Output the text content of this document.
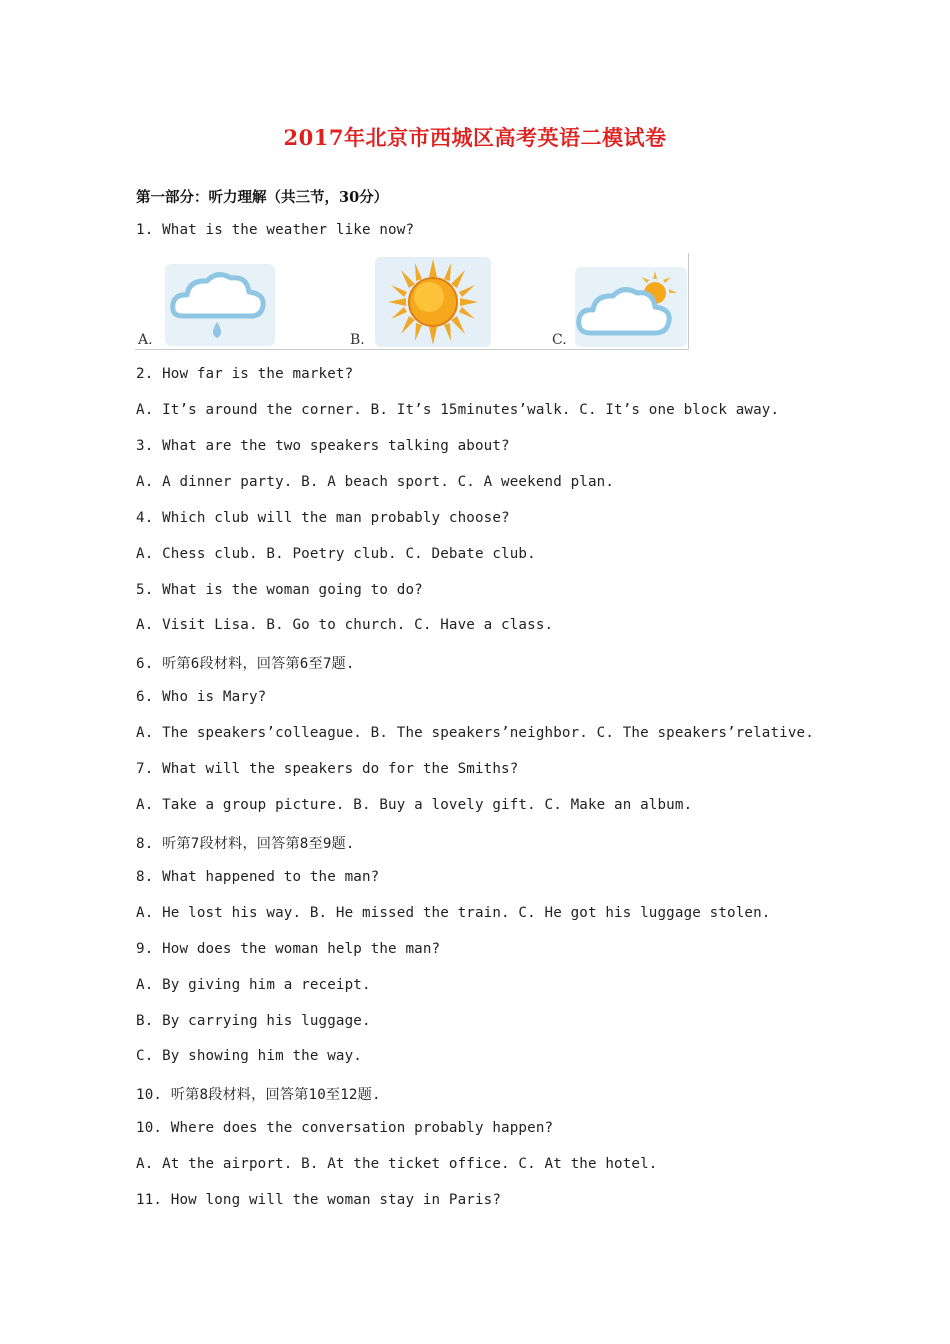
2017年北京市西城区高考英语二模试卷
第一部分：听力理解（共三节，30分）
1. What is the weather like now?
A.	B.	C.
2. How far is the market?
A. It’s around the corner. B. It’s 15minutes’walk. C. It’s one block away.
3. What are the two speakers talking about?
A. A dinner party. B. A beach sport. C. A weekend plan.
4. Which club will the man probably choose?
A. Chess club. B. Poetry club. C. Debate club.
5. What is the woman going to do?
A. Visit Lisa. B. Go to church. C. Have a class.
6. 听第6段材料，回答第6至7题.
6. Who is Mary?
A. The speakers’colleague. B. The speakers’neighbor. C. The speakers’relative.
7. What will the speakers do for the Smiths?
A. Take a group picture. B. Buy a lovely gift. C. Make an album.
8. 听第7段材料，回答第8至9题.
8. What happened to the man?
A. He lost his way. B. He missed the train. C. He got his luggage stolen.
9. How does the woman help the man?
A. By giving him a receipt.
B. By carrying his luggage.
C. By showing him the way.
10. 听第8段材料，回答第10至12题.
10. Where does the conversation probably happen?
A. At the airport. B. At the ticket office. C. At the hotel.
11. How long will the woman stay in Paris?
